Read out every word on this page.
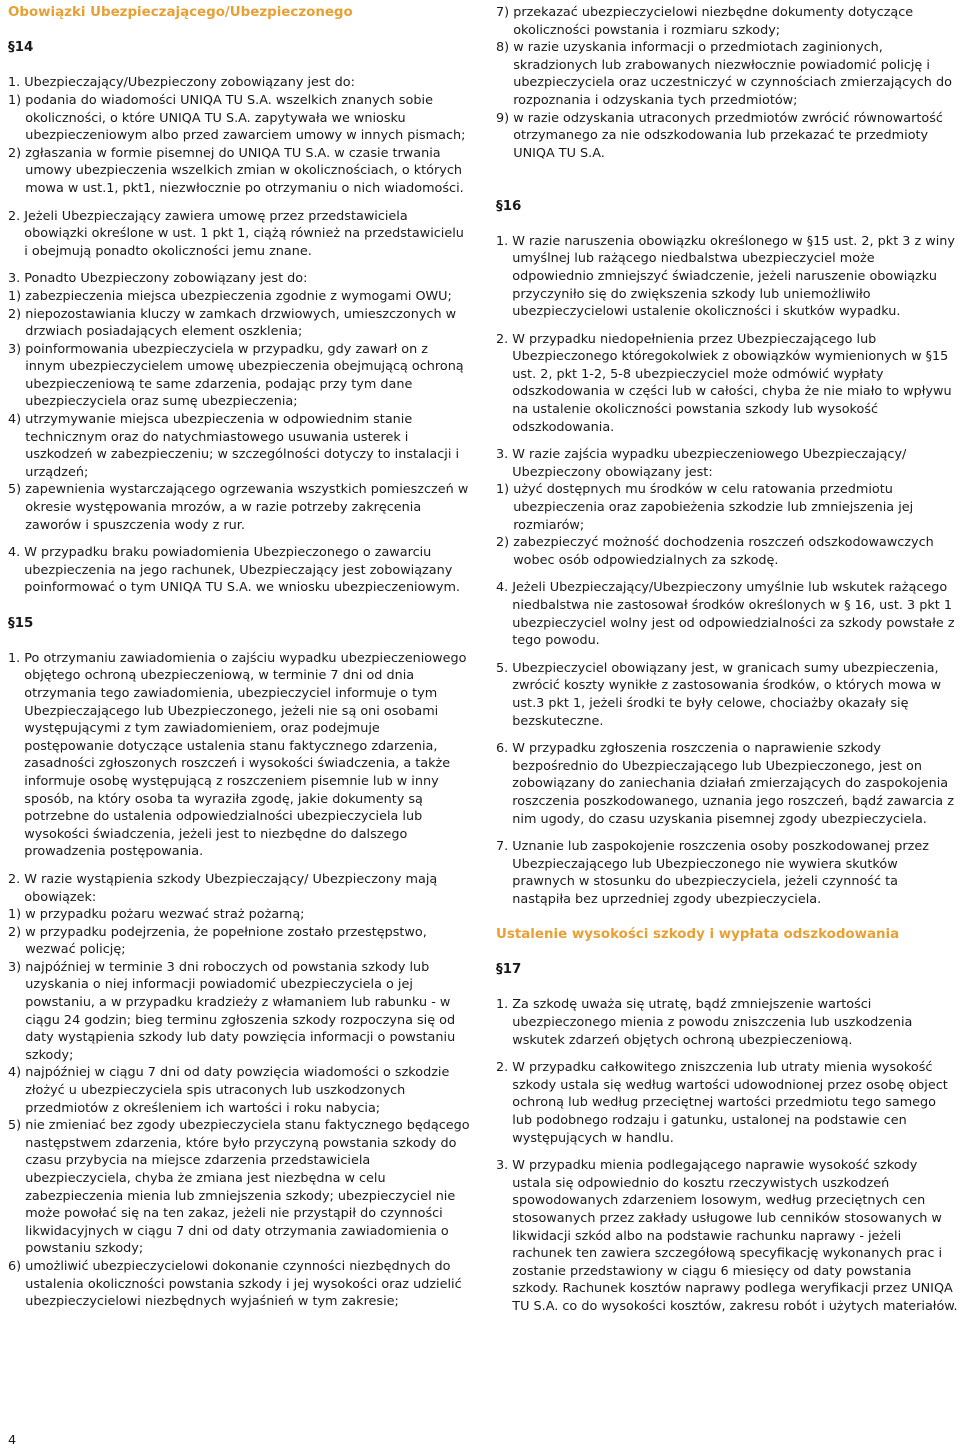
Obowiązki Ubezpieczającego/Ubezpieczonego
§14
1. Ubezpieczający/Ubezpieczony zobowiązany jest do:
1) podania do wiadomości UNIQA TU S.A. wszelkich znanych sobie okoliczności, o które UNIQA TU S.A. zapytywała we wniosku ubezpieczeniowym albo przed zawarciem umowy w innych pismach;
2) zgłaszania w formie pisemnej do UNIQA TU S.A. w czasie trwania umowy ubezpieczenia wszelkich zmian w okolicznościach, o których mowa w ust.1, pkt1, niezwłocznie po otrzymaniu o nich wiadomości.
2. Jeżeli Ubezpieczający zawiera umowę przez przedstawiciela obowiązki określone w ust. 1 pkt 1, ciążą również na przedstawicielu i obejmują ponadto okoliczności jemu znane.
3. Ponadto Ubezpieczony zobowiązany jest do:
1) zabezpieczenia miejsca ubezpieczenia zgodnie z wymogami OWU;
2) niepozostawiania kluczy w zamkach drzwiowych, umieszczonych w drzwiach posiadających element oszklenia;
3) poinformowania ubezpieczyciela w przypadku, gdy zawarł on z innym ubezpieczycielem umowę ubezpieczenia obejmującą ochroną ubezpieczeniową te same zdarzenia, podając przy tym dane ubezpieczyciela oraz sumę ubezpieczenia;
4) utrzymywanie miejsca ubezpieczenia w odpowiednim stanie technicznym oraz do natychmiastowego usuwania usterek i uszkodzeń w zabezpieczeniu; w szczególności dotyczy to instalacji i urządzeń;
5) zapewnienia wystarczającego ogrzewania wszystkich pomieszczeń w okresie występowania mrozów, a w razie potrzeby zakręcenia zaworów i spuszczenia wody z rur.
4. W przypadku braku powiadomienia Ubezpieczonego o zawarciu ubezpieczenia na jego rachunek, Ubezpieczający jest zobowiązany poinformować o tym UNIQA TU S.A. we wniosku ubezpieczeniowym.
§15
1. Po otrzymaniu zawiadomienia o zajściu wypadku ubezpieczeniowego objętego ochroną ubezpieczeniową, w terminie 7 dni od dnia otrzymania tego zawiadomienia, ubezpieczyciel informuje o tym Ubezpieczającego lub Ubezpieczonego, jeżeli nie są oni osobami występującymi z tym zawiadomieniem, oraz podejmuje postępowanie dotyczące ustalenia stanu faktycznego zdarzenia, zasadności zgłoszonych roszczeń i wysokości świadczenia, a także informuje osobę występującą z roszczeniem pisemnie lub w inny sposób, na który osoba ta wyraziła zgodę, jakie dokumenty są potrzebne do ustalenia odpowiedzialności ubezpieczyciela lub wysokości świadczenia, jeżeli jest to niezbędne do dalszego prowadzenia postępowania.
2. W razie wystąpienia szkody Ubezpieczający/ Ubezpieczony mają obowiązek:
1) w przypadku pożaru wezwać straż pożarną;
2) w przypadku podejrzenia, że popełnione zostało przestępstwo, wezwać policję;
3) najpóźniej w terminie 3 dni roboczych od powstania szkody lub uzyskania o niej informacji powiadomić ubezpieczyciela o jej powstaniu, a w przypadku kradzieży z włamaniem lub rabunku - w ciągu 24 godzin; bieg terminu zgłoszenia szkody rozpoczyna się od daty wystąpienia szkody lub daty powzięcia informacji o powstaniu szkody;
4) najpóźniej w ciągu 7 dni od daty powzięcia wiadomości o szkodzie złożyć u ubezpieczyciela spis utraconych lub uszkodzonych przedmiotów z określeniem ich wartości i roku nabycia;
5) nie zmieniać bez zgody ubezpieczyciela stanu faktycznego będącego następstwem zdarzenia, które było przyczyną powstania szkody do czasu przybycia na miejsce zdarzenia przedstawiciela ubezpieczyciela, chyba że zmiana jest niezbędna w celu zabezpieczenia mienia lub zmniejszenia szkody; ubezpieczyciel nie może powołać się na ten zakaz, jeżeli nie przystąpił do czynności likwidacyjnych w ciągu 7 dni od daty otrzymania zawiadomienia o powstaniu szkody;
6) umożliwić ubezpieczycielowi dokonanie czynności niezbędnych do ustalenia okoliczności powstania szkody i jej wysokości oraz udzielić ubezpieczycielowi niezbędnych wyjaśnień w tym zakresie;
4
7) przekazać ubezpieczycielowi niezbędne dokumenty dotyczące okoliczności powstania i rozmiaru szkody;
8) w razie uzyskania informacji o przedmiotach zaginionych, skradzionych lub zrabowanych niezwłocznie powiadomić policję i ubezpieczyciela oraz uczestniczyć w czynnościach zmierzających do rozpoznania i odzyskania tych przedmiotów;
9) w razie odzyskania utraconych przedmiotów zwrócić równowartość otrzymanego za nie odszkodowania lub przekazać te przedmioty UNIQA TU S.A.
§16
1. W razie naruszenia obowiązku określonego w §15 ust. 2, pkt 3 z winy umyślnej lub rażącego niedbalstwa ubezpieczyciel może odpowiednio zmniejszyć świadczenie, jeżeli naruszenie obowiązku przyczyniło się do zwiększenia szkody lub uniemożliwiło ubezpieczycielowi ustalenie okoliczności i skutków wypadku.
2. W przypadku niedopełnienia przez Ubezpieczającego lub Ubezpieczonego któregokolwiek z obowiązków wymienionych w §15 ust. 2, pkt 1-2, 5-8 ubezpieczyciel może odmówić wypłaty odszkodowania w części lub w całości, chyba że nie miało to wpływu na ustalenie okoliczności powstania szkody lub wysokość odszkodowania.
3. W razie zajścia wypadku ubezpieczeniowego Ubezpieczający/ Ubezpieczony obowiązany jest:
1) użyć dostępnych mu środków w celu ratowania przedmiotu ubezpieczenia oraz zapobieżenia szkodzie lub zmniejszenia jej rozmiarów;
2) zabezpieczyć możność dochodzenia roszczeń odszkodowawczych wobec osób odpowiedzialnych za szkodę.
4. Jeżeli Ubezpieczający/Ubezpieczony umyślnie lub wskutek rażącego niedbalstwa nie zastosował środków określonych w § 16, ust. 3 pkt 1 ubezpieczyciel wolny jest od odpowiedzialności za szkody powstałe z tego powodu.
5. Ubezpieczyciel obowiązany jest, w granicach sumy ubezpieczenia, zwrócić koszty wynikłe z zastosowania środków, o których mowa w ust.3 pkt 1, jeżeli środki te były celowe, chociażby okazały się bezskuteczne.
6. W przypadku zgłoszenia roszczenia o naprawienie szkody bezpośrednio do Ubezpieczającego lub Ubezpieczonego, jest on zobowiązany do zaniechania działań zmierzających do zaspokojenia roszczenia poszkodowanego, uznania jego roszczeń, bądź zawarcia z nim ugody, do czasu uzyskania pisemnej zgody ubezpieczyciela.
7. Uznanie lub zaspokojenie roszczenia osoby poszkodowanej przez Ubezpieczającego lub Ubezpieczonego nie wywiera skutków prawnych w stosunku do ubezpieczyciela, jeżeli czynność ta nastąpiła bez uprzedniej zgody ubezpieczyciela.
Ustalenie wysokości szkody i wypłata odszkodowania
§17
1. Za szkodę uważa się utratę, bądź zmniejszenie wartości ubezpieczonego mienia z powodu zniszczenia lub uszkodzenia wskutek zdarzeń objętych ochroną ubezpieczeniową.
2. W przypadku całkowitego zniszczenia lub utraty mienia wysokość szkody ustala się według wartości udowodnionej przez osobę object ochroną lub według przeciętnej wartości przedmiotu tego samego lub podobnego rodzaju i gatunku, ustalonej na podstawie cen występujących w handlu.
3. W przypadku mienia podlegającego naprawie wysokość szkody ustala się odpowiednio do kosztu rzeczywistych uszkodzeń spowodowanych zdarzeniem losowym, według przeciętnych cen stosowanych przez zakłady usługowe lub cenników stosowanych w likwidacji szkód albo na podstawie rachunku naprawy - jeżeli rachunek ten zawiera szczegółową specyfikację wykonanych prac i zostanie przedstawiony w ciągu 6 miesięcy od daty powstania szkody. Rachunek kosztów naprawy podlega weryfikacji przez UNIQA TU S.A. co do wysokości kosztów, zakresu robót i użytych materiałów.
